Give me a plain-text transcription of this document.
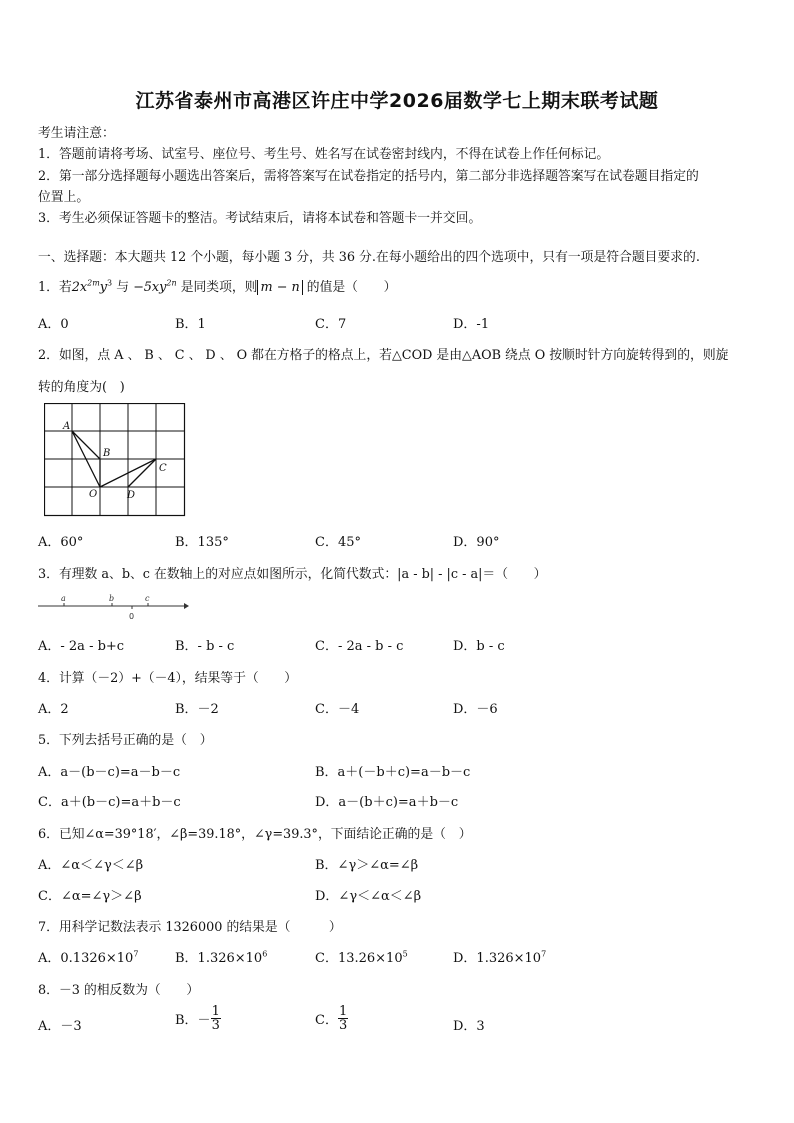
江苏省泰州市高港区许庄中学2026届数学七上期末联考试题
考生请注意：
1．答题前请将考场、试室号、座位号、考生号、姓名写在试卷密封线内，不得在试卷上作任何标记。
2．第一部分选择题每小题选出答案后，需将答案写在试卷指定的括号内，第二部分非选择题答案写在试卷题目指定的
位置上。
3．考生必须保证答题卡的整洁。考试结束后，请将本试卷和答题卡一并交回。
一、选择题：本大题共 12 个小题，每小题 3 分，共 36 分.在每小题给出的四个选项中，只有一项是符合题目要求的.
1．若$2x^{2m}y^3$ 与 $-5xy^{2n}$ 是同类项，则 m − n 的值是（　　）
A．0	B．1	C．7	D．-1
2．如图，点 A 、 B 、 C 、 D 、 O 都在方格子的格点上，若△COD 是由△AOB 绕点 O 按顺时针方向旋转得到的，则旋
转的角度为(　)
A
B
C
O	D
A．60°	B．135°	C．45°	D．90°
3．有理数 a、b、c 在数轴上的对应点如图所示，化简代数式：|a - b| - |c - a|＝（　　）
a	b	c
0
A．- 2a - b+c	B．- b - c	C．- 2a - b - c	D．b - c
4．计算（－2）+（－4），结果等于（　　）
A．2	B．－2	C．－4	D．－6
5．下列去括号正确的是（　）
A．a－(b－c)=a－b－c	B．a＋(－b＋c)=a－b－c
C．a＋(b－c)=a＋b－c	D．a－(b＋c)=a＋b－c
6．已知∠α=39°18′，∠β=39.18°，∠γ=39.3°，下面结论正确的是（　）
A．∠α＜∠γ＜∠β	B．∠γ＞∠α=∠β
C．∠α=∠γ＞∠β	D．∠γ＜∠α＜∠β
7．用科学记数法表示 1326000 的结果是（　　　）
A．$0.1326\times 10^7$	B．$1.326\times 10^6$	C．$13.26\times 10^5$	D．$1.326\times 10^7$
8．－3 的相反数为（　　）
A．－3	B．－ $\frac{1}{3}$	C． $\frac{1}{3}$	D．3
